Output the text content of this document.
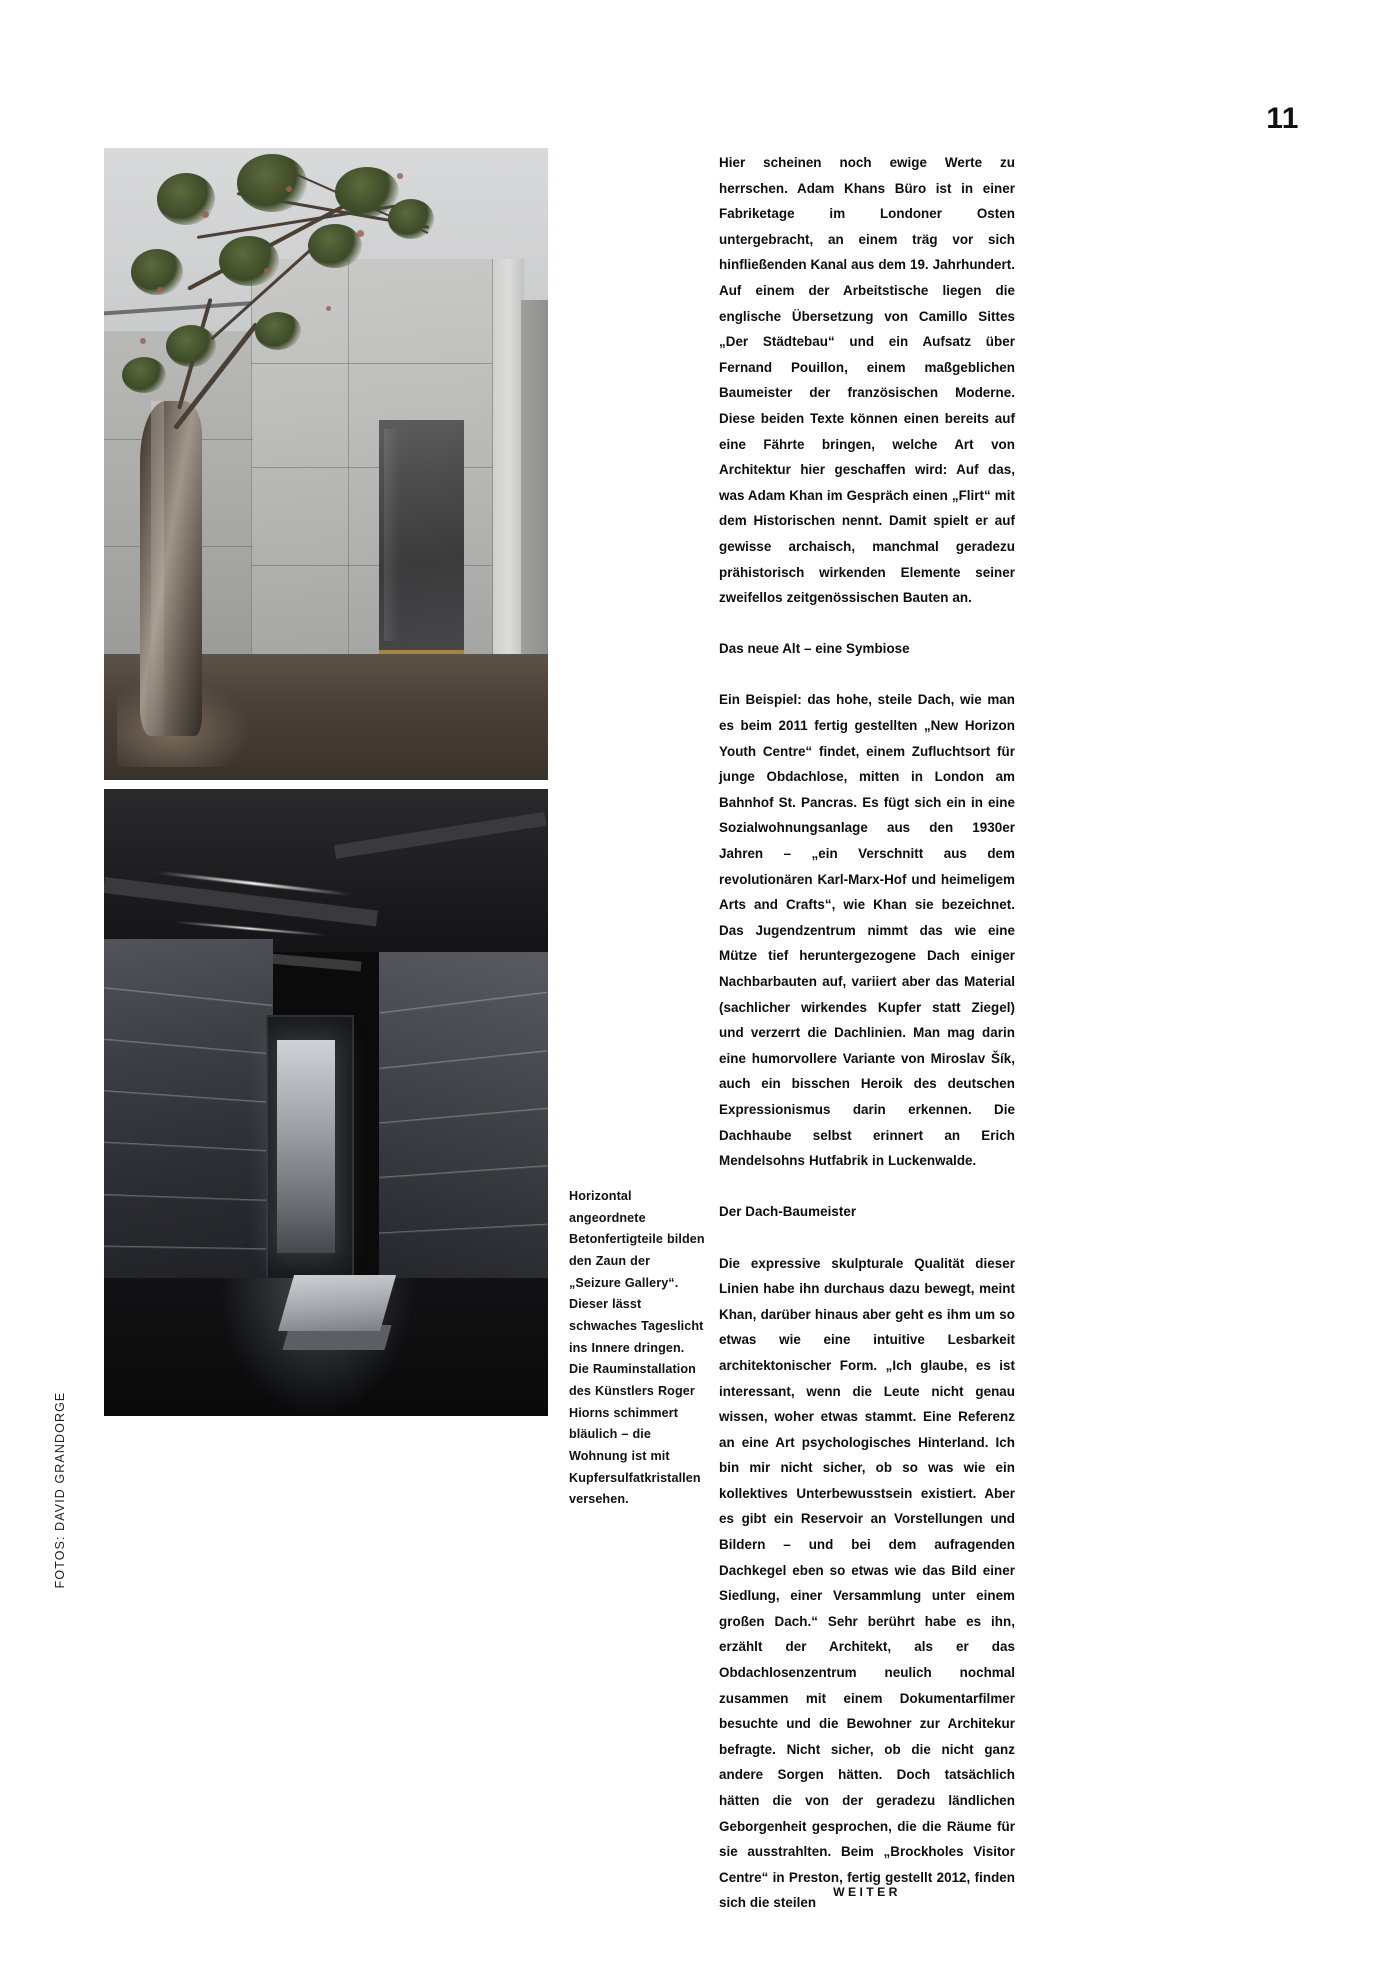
11
FOTOS: DAVID GRANDORGE
Horizontal angeordnete Betonfertigteile bilden den Zaun der „Seizure Gallery“. Dieser lässt schwaches Tageslicht ins Innere dringen. Die Rauminstallation des Künstlers Roger Hiorns schimmert bläulich – die Wohnung ist mit Kupfersulfatkristallen versehen.

Hier scheinen noch ewige Werte zu herrschen. Adam Khans Büro ist in einer Fabriketage im Londoner Osten untergebracht, an einem träg vor sich hinfließenden Kanal aus dem 19. Jahrhundert. Auf einem der Arbeitstische liegen die englische Übersetzung von Camillo Sittes „Der Städtebau“ und ein Aufsatz über Fernand Pouillon, einem maßgeblichen Baumeister der französischen Moderne. Diese beiden Texte können einen bereits auf eine Fährte bringen, welche Art von Architektur hier geschaffen wird: Auf das, was Adam Khan im Gespräch einen „Flirt“ mit dem Historischen nennt. Damit spielt er auf gewisse archaisch, manchmal geradezu prähistorisch wirkenden Elemente seiner zweifellos zeitgenössischen Bauten an.

Das neue Alt – eine Symbiose

Ein Beispiel: das hohe, steile Dach, wie man es beim 2011 fertig gestellten „New Horizon Youth Centre“ findet, einem Zufluchtsort für junge Obdachlose, mitten in London am Bahnhof St. Pancras. Es fügt sich ein in eine Sozialwohnungsanlage aus den 1930er Jahren – „ein Verschnitt aus dem revolutionären Karl-Marx-Hof und heimeligem Arts and Crafts“, wie Khan sie bezeichnet. Das Jugendzentrum nimmt das wie eine Mütze tief heruntergezogene Dach einiger Nachbarbauten auf, variiert aber das Material (sachlicher wirkendes Kupfer statt Ziegel) und verzerrt die Dachlinien. Man mag darin eine humorvollere Variante von Miroslav Šík, auch ein bisschen Heroik des deutschen Expressionismus darin erkennen. Die Dachhaube selbst erinnert an Erich Mendelsohns Hutfabrik in Luckenwalde.

Der Dach-Baumeister

Die expressive skulpturale Qualität dieser Linien habe ihn durchaus dazu bewegt, meint Khan, darüber hinaus aber geht es ihm um so etwas wie eine intuitive Lesbarkeit architektonischer Form. „Ich glaube, es ist interessant, wenn die Leute nicht genau wissen, woher etwas stammt. Eine Referenz an eine Art psychologisches Hinterland. Ich bin mir nicht sicher, ob so was wie ein kollektives Unterbewusstsein existiert. Aber es gibt ein Reservoir an Vorstellungen und Bildern – und bei dem aufragenden Dachkegel eben so etwas wie das Bild einer Siedlung, einer Versammlung unter einem großen Dach.“ Sehr berührt habe es ihn, erzählt der Architekt, als er das Obdachlosenzentrum neulich nochmal zusammen mit einem Dokumentarfilmer besuchte und die Bewohner zur Architekur befragte. Nicht sicher, ob die nicht ganz andere Sorgen hätten. Doch tatsächlich hätten die von der geradezu ländlichen Geborgenheit gesprochen, die die Räume für sie ausstrahlten. Beim „Brockholes Visitor Centre“ in Preston, fertig gestellt 2012, finden sich die steilen

WEITER
